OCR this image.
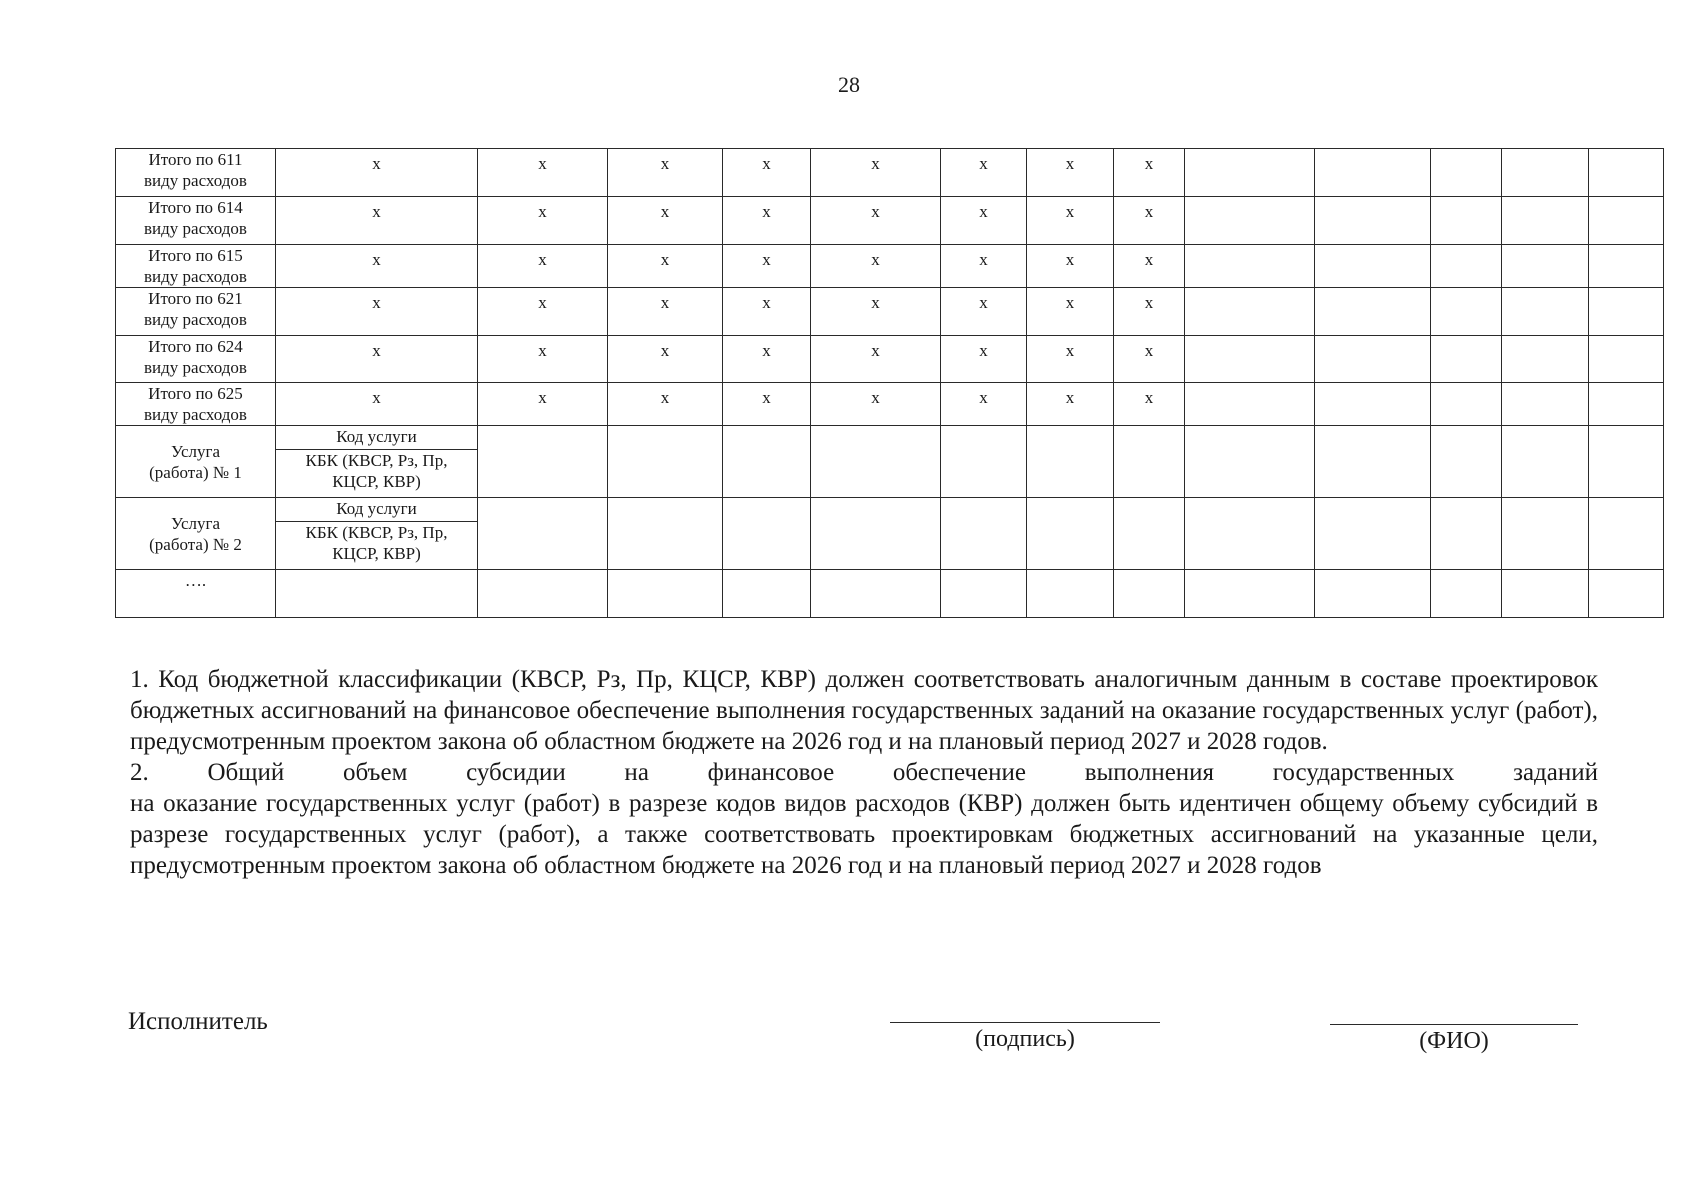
28
Итого по 611
виду расходов	х	х	х	х	х	х	х	х					

Итого по 614
виду расходов	х	х	х	х	х	х	х	х					

Итого по 615
виду расходов	х	х	х	х	х	х	х	х					

Итого по 621
виду расходов	х	х	х	х	х	х	х	х					

Итого по 624
виду расходов	х	х	х	х	х	х	х	х					

Итого по 625
виду расходов	х	х	х	х	х	х	х	х					

Услуга
(работа) № 1	Код услуги												

	КБК (КВСР, Рз, Пр,
КЦСР, КВР)												

Услуга
(работа) № 2	Код услуги												

	КБК (КВСР, Рз, Пр,
КЦСР, КВР)												

….													

1. Код бюджетной классификации (КВСР, Рз, Пр, КЦСР, КВР) должен соответствовать аналогичным данным в составе проектировок бюджетных ассигнований на финансовое обеспечение выполнения государственных заданий на оказание государственных услуг (работ), предусмотренным проектом закона об областном бюджете на 2026 год и на плановый период 2027 и 2028 годов.

2. Общий объем субсидии на финансовое обеспечение выполнения государственных заданий

на оказание государственных услуг (работ) в разрезе кодов видов расходов (КВР) должен быть идентичен общему объему субсидий в разрезе государственных услуг (работ), а также соответствовать проектировкам бюджетных ассигнований на указанные цели, предусмотренным проектом закона об областном бюджете на 2026 год и на плановый период 2027 и 2028 годов

Исполнитель
(подпись)	(ФИО)
